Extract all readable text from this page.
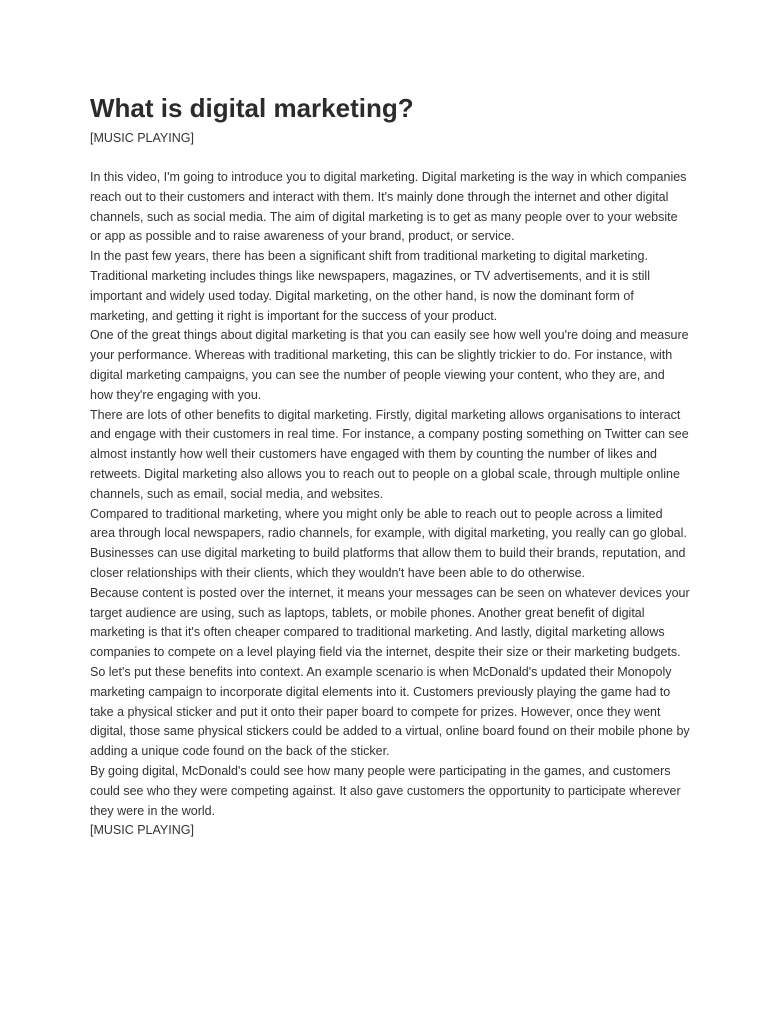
What is digital marketing?

[MUSIC PLAYING]

In this video, I'm going to introduce you to digital marketing. Digital marketing is the way in which companies reach out to their customers and interact with them. It's mainly done through the internet and other digital channels, such as social media. The aim of digital marketing is to get as many people over to your website or app as possible and to raise awareness of your brand, product, or service.

In the past few years, there has been a significant shift from traditional marketing to digital marketing. Traditional marketing includes things like newspapers, magazines, or TV advertisements, and it is still important and widely used today. Digital marketing, on the other hand, is now the dominant form of marketing, and getting it right is important for the success of your product.

One of the great things about digital marketing is that you can easily see how well you're doing and measure your performance. Whereas with traditional marketing, this can be slightly trickier to do. For instance, with digital marketing campaigns, you can see the number of people viewing your content, who they are, and how they're engaging with you.

There are lots of other benefits to digital marketing. Firstly, digital marketing allows organisations to interact and engage with their customers in real time. For instance, a company posting something on Twitter can see almost instantly how well their customers have engaged with them by counting the number of likes and retweets. Digital marketing also allows you to reach out to people on a global scale, through multiple online channels, such as email, social media, and websites.

Compared to traditional marketing, where you might only be able to reach out to people across a limited area through local newspapers, radio channels, for example, with digital marketing, you really can go global. Businesses can use digital marketing to build platforms that allow them to build their brands, reputation, and closer relationships with their clients, which they wouldn't have been able to do otherwise.

Because content is posted over the internet, it means your messages can be seen on whatever devices your target audience are using, such as laptops, tablets, or mobile phones. Another great benefit of digital marketing is that it's often cheaper compared to traditional marketing. And lastly, digital marketing allows companies to compete on a level playing field via the internet, despite their size or their marketing budgets.

So let's put these benefits into context. An example scenario is when McDonald's updated their Monopoly marketing campaign to incorporate digital elements into it. Customers previously playing the game had to take a physical sticker and put it onto their paper board to compete for prizes. However, once they went digital, those same physical stickers could be added to a virtual, online board found on their mobile phone by adding a unique code found on the back of the sticker.

By going digital, McDonald's could see how many people were participating in the games, and customers could see who they were competing against. It also gave customers the opportunity to participate wherever they were in the world.

[MUSIC PLAYING]
